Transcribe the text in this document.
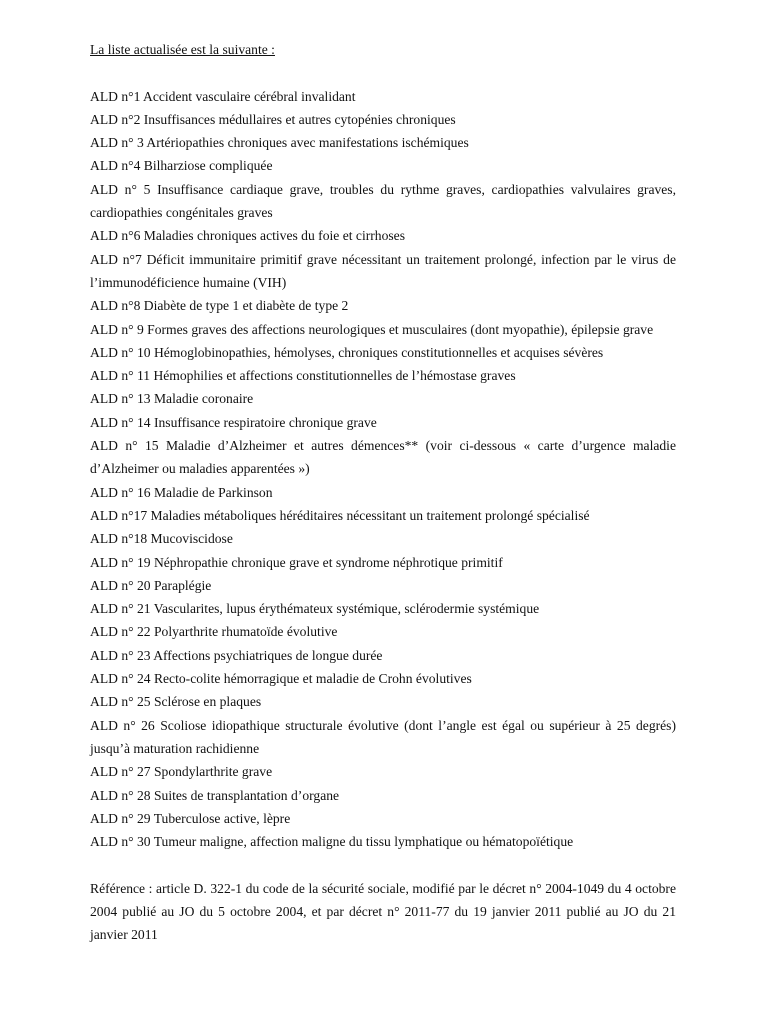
La liste actualisée est la suivante :

ALD n°1 Accident vasculaire cérébral invalidant
ALD n°2 Insuffisances médullaires et autres cytopénies chroniques
ALD n° 3 Artériopathies chroniques avec manifestations ischémiques
ALD n°4 Bilharziose compliquée
ALD n° 5 Insuffisance cardiaque grave, troubles du rythme graves, cardiopathies valvulaires graves, cardiopathies congénitales graves
ALD n°6 Maladies chroniques actives du foie et cirrhoses
ALD n°7 Déficit immunitaire primitif grave nécessitant un traitement prolongé, infection par le virus de l’immunodéficience humaine (VIH)
ALD n°8 Diabète de type 1 et diabète de type 2
ALD n° 9 Formes graves des affections neurologiques et musculaires (dont myopathie), épilepsie grave
ALD n° 10 Hémoglobinopathies, hémolyses, chroniques constitutionnelles et acquises sévères
ALD n° 11 Hémophilies et affections constitutionnelles de l’hémostase graves
ALD n° 13 Maladie coronaire
ALD n° 14 Insuffisance respiratoire chronique grave
ALD n° 15 Maladie d’Alzheimer et autres démences** (voir ci-dessous « carte d’urgence maladie d’Alzheimer ou maladies apparentées »)
ALD n° 16 Maladie de Parkinson
ALD n°17 Maladies métaboliques héréditaires nécessitant un traitement prolongé spécialisé
ALD n°18 Mucoviscidose
ALD n° 19 Néphropathie chronique grave et syndrome néphrotique primitif
ALD n° 20 Paraplégie
ALD n° 21 Vascularites, lupus érythémateux systémique, sclérodermie systémique
ALD n° 22 Polyarthrite rhumatoïde évolutive
ALD n° 23 Affections psychiatriques de longue durée
ALD n° 24 Recto-colite hémorragique et maladie de Crohn évolutives
ALD n° 25 Sclérose en plaques
ALD n° 26 Scoliose idiopathique structurale évolutive (dont l’angle est égal ou supérieur à 25 degrés) jusqu’à maturation rachidienne
ALD n° 27 Spondylarthrite grave
ALD n° 28 Suites de transplantation d’organe
ALD n° 29 Tuberculose active, lèpre
ALD n° 30 Tumeur maligne, affection maligne du tissu lymphatique ou hématopoïétique

Référence : article D. 322-1 du code de la sécurité sociale, modifié par le décret n° 2004-1049 du 4 octobre 2004 publié au JO du 5 octobre 2004, et par décret n° 2011-77 du 19 janvier 2011 publié au JO du 21 janvier 2011
